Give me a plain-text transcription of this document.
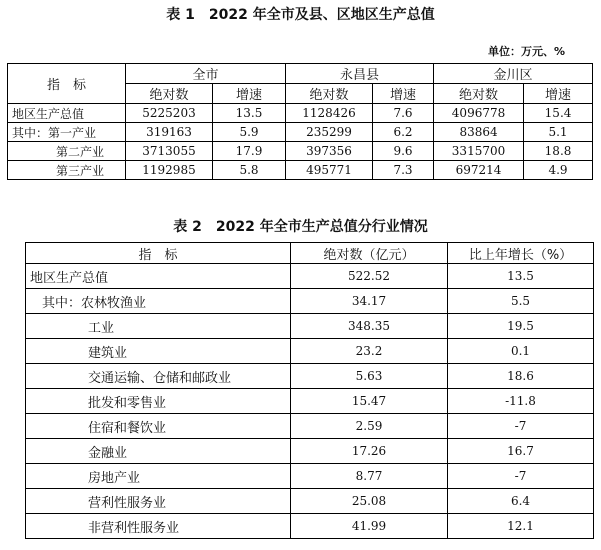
表 1　2022 年全市及县、区地区生产总值
单位：万元、%
指　标	全市		永昌县		金川区	
	绝对数	增速	绝对数	增速	绝对数	增速
地区生产总值	5225203	13.5	1128426	7.6	4096778	15.4
其中：第一产业	319163	5.9	235299	6.2	83864	5.1
第二产业	3713055	17.9	397356	9.6	3315700	18.8
第三产业	1192985	5.8	495771	7.3	697214	4.9
表 2　2022 年全市生产总值分行业情况
指　标	绝对数（亿元）	比上年增长（%）
地区生产总值	522.52	13.5
其中：农林牧渔业	34.17	5.5
工业	348.35	19.5
建筑业	23.2	0.1
交通运输、仓储和邮政业	5.63	18.6
批发和零售业	15.47	-11.8
住宿和餐饮业	2.59	-7
金融业	17.26	16.7
房地产业	8.77	-7
营利性服务业	25.08	6.4
非营利性服务业	41.99	12.1
